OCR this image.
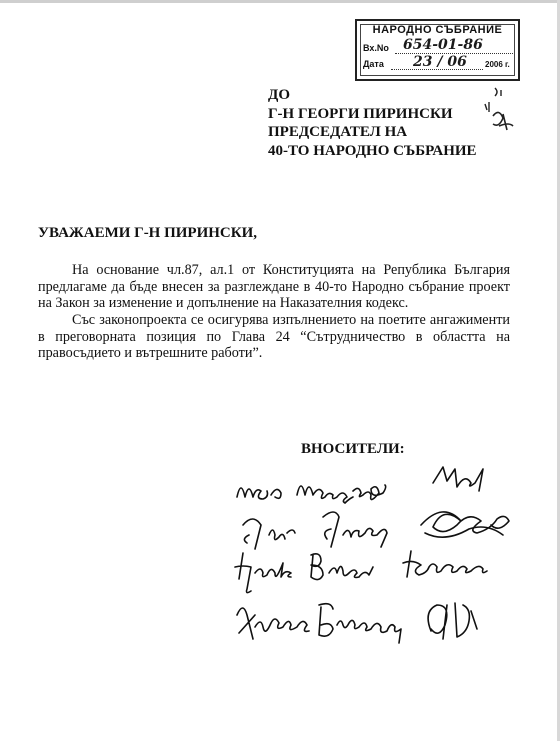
НАРОДНО СЪБРАНИЕ
Вх.No 654-01-86
Дата 23 / 06 2006 г.
ДО
Г-Н ГЕОРГИ ПИРИНСКИ
ПРЕДСЕДАТЕЛ НА
40-ТО НАРОДНО СЪБРАНИЕ
УВАЖАЕМИ Г-Н ПИРИНСКИ,
На основание чл.87, ал.1 от Конституцията на Република България предлагаме да бъде внесен за разглеждане в 40-то Народно събрание проект на Закон за изменение и допълнение на Наказателния кодекс.
Със законопроекта се осигурява изпълнението на поетите ангажименти в преговорната позиция по Глава 24 “Сътрудничество в областта на правосъдието и вътрешните работи”.
ВНОСИТЕЛИ:
